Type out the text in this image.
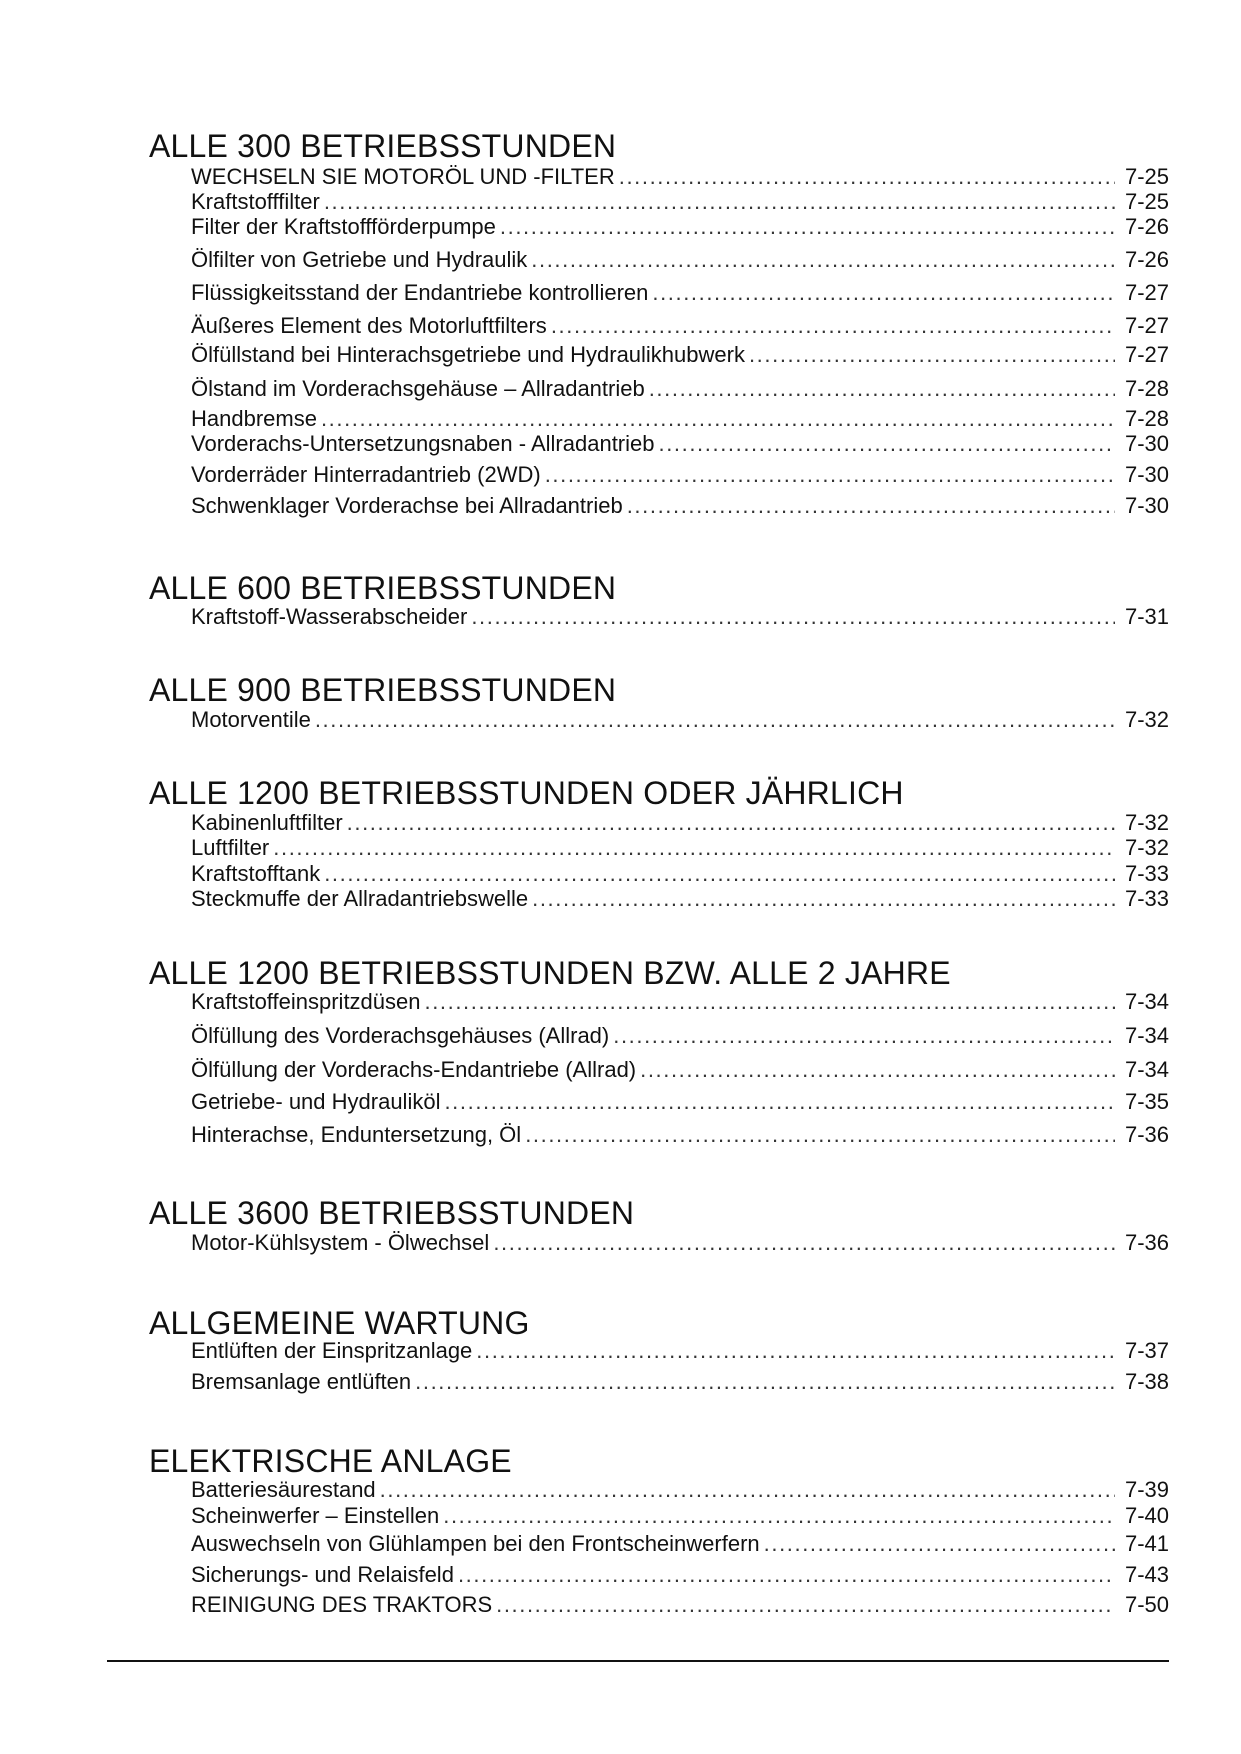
ALLE 300 BETRIEBSSTUNDEN
WECHSELN SIE MOTORÖL UND -FILTER .....	7-25
Kraftstofffilter .....	7-25
Filter der Kraftstoffförderpumpe .....	7-26
Ölfilter von Getriebe und Hydraulik .....	7-26
Flüssigkeitsstand der Endantriebe kontrollieren .....	7-27
Äußeres Element des Motorluftfilters .....	7-27
Ölfüllstand bei Hinterachsgetriebe und Hydraulikhubwerk .....	7-27
Ölstand im Vorderachsgehäuse – Allradantrieb .....	7-28
Handbremse .....	7-28
Vorderachs-Untersetzungsnaben - Allradantrieb .....	7-30
Vorderräder Hinterradantrieb (2WD) .....	7-30
Schwenklager Vorderachse bei Allradantrieb .....	7-30
ALLE 600 BETRIEBSSTUNDEN
Kraftstoff-Wasserabscheider .....	7-31
ALLE 900 BETRIEBSSTUNDEN
Motorventile .....	7-32
ALLE 1200 BETRIEBSSTUNDEN ODER JÄHRLICH
Kabinenluftfilter .....	7-32
Luftfilter .....	7-32
Kraftstofftank .....	7-33
Steckmuffe der Allradantriebswelle .....	7-33
ALLE 1200 BETRIEBSSTUNDEN BZW. ALLE 2 JAHRE
Kraftstoffeinspritzdüsen .....	7-34
Ölfüllung des Vorderachsgehäuses (Allrad) .....	7-34
Ölfüllung der Vorderachs-Endantriebe (Allrad) .....	7-34
Getriebe- und Hydrauliköl .....	7-35
Hinterachse, Enduntersetzung, Öl .....	7-36
ALLE 3600 BETRIEBSSTUNDEN
Motor-Kühlsystem - Ölwechsel .....	7-36
ALLGEMEINE WARTUNG
Entlüften der Einspritzanlage .....	7-37
Bremsanlage entlüften .....	7-38
ELEKTRISCHE ANLAGE
Batteriesäurestand .....	7-39
Scheinwerfer – Einstellen .....	7-40
Auswechseln von Glühlampen bei den Frontscheinwerfern .....	7-41
Sicherungs- und Relaisfeld .....	7-43
REINIGUNG DES TRAKTORS .....	7-50
